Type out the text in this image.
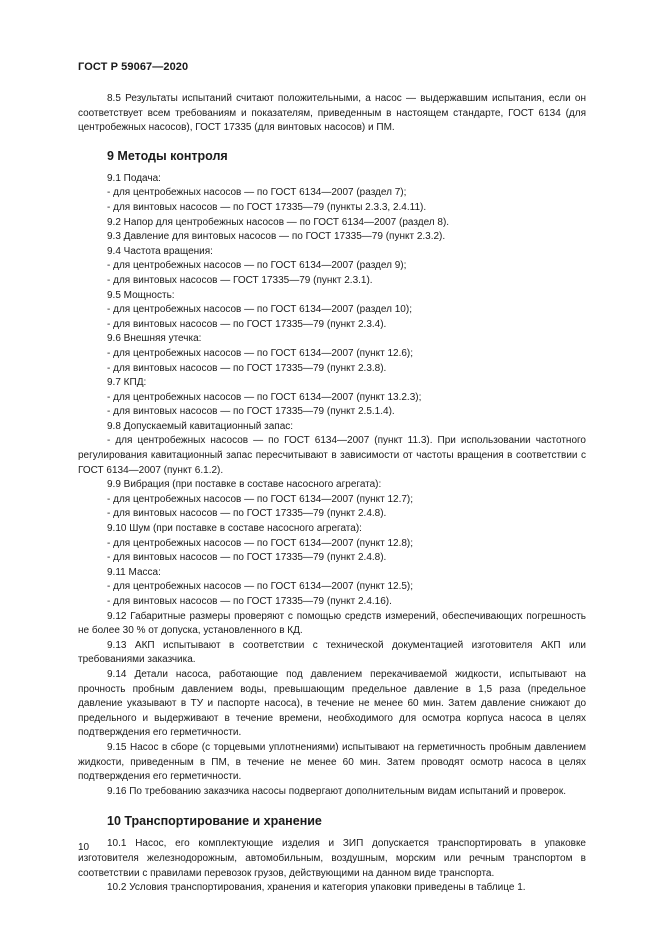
ГОСТ Р 59067—2020

8.5 Результаты испытаний считают положительными, а насос — выдержавшим испытания, если он соответствует всем требованиям и показателям, приведенным в настоящем стандарте, ГОСТ 6134 (для центробежных насосов), ГОСТ 17335 (для винтовых насосов) и ПМ.

9 Методы контроля

9.1 Подача:

- для центробежных насосов — по ГОСТ 6134—2007 (раздел 7);

- для винтовых насосов — по ГОСТ 17335—79 (пункты 2.3.3, 2.4.11).

9.2 Напор для центробежных насосов — по ГОСТ 6134—2007 (раздел 8).

9.3 Давление для винтовых насосов — по ГОСТ 17335—79 (пункт 2.3.2).

9.4 Частота вращения:

- для центробежных насосов — по ГОСТ 6134—2007 (раздел 9);

- для винтовых насосов — ГОСТ 17335—79 (пункт 2.3.1).

9.5 Мощность:

- для центробежных насосов — по ГОСТ 6134—2007 (раздел 10);

- для винтовых насосов — по ГОСТ 17335—79 (пункт 2.3.4).

9.6 Внешняя утечка:

- для центробежных насосов — по ГОСТ 6134—2007 (пункт 12.6);

- для винтовых насосов — по ГОСТ 17335—79 (пункт 2.3.8).

9.7 КПД:

- для центробежных насосов — по ГОСТ 6134—2007 (пункт 13.2.3);

- для винтовых насосов — по ГОСТ 17335—79 (пункт 2.5.1.4).

9.8 Допускаемый кавитационный запас:

- для центробежных насосов — по ГОСТ 6134—2007 (пункт 11.3). При использовании частотного регулирования кавитационный запас пересчитывают в зависимости от частоты вращения в соответствии с ГОСТ 6134—2007 (пункт 6.1.2).

9.9 Вибрация (при поставке в составе насосного агрегата):

- для центробежных насосов — по ГОСТ 6134—2007 (пункт 12.7);

- для винтовых насосов — по ГОСТ 17335—79 (пункт 2.4.8).

9.10 Шум (при поставке в составе насосного агрегата):

- для центробежных насосов — по ГОСТ 6134—2007 (пункт 12.8);

- для винтовых насосов — по ГОСТ 17335—79 (пункт 2.4.8).

9.11 Масса:

- для центробежных насосов — по ГОСТ 6134—2007 (пункт 12.5);

- для винтовых насосов — по ГОСТ 17335—79 (пункт 2.4.16).

9.12 Габаритные размеры проверяют с помощью средств измерений, обеспечивающих погрешность не более 30 % от допуска, установленного в КД.

9.13 АКП испытывают в соответствии с технической документацией изготовителя АКП или требованиями заказчика.

9.14 Детали насоса, работающие под давлением перекачиваемой жидкости, испытывают на прочность пробным давлением воды, превышающим предельное давление в 1,5 раза (предельное давление указывают в ТУ и паспорте насоса), в течение не менее 60 мин. Затем давление снижают до предельного и выдерживают в течение времени, необходимого для осмотра корпуса насоса в целях подтверждения его герметичности.

9.15 Насос в сборе (с торцевыми уплотнениями) испытывают на герметичность пробным давлением жидкости, приведенным в ПМ, в течение не менее 60 мин. Затем проводят осмотр насоса в целях подтверждения его герметичности.

9.16 По требованию заказчика насосы подвергают дополнительным видам испытаний и проверок.

10 Транспортирование и хранение

10.1 Насос, его комплектующие изделия и ЗИП допускается транспортировать в упаковке изготовителя железнодорожным, автомобильным, воздушным, морским или речным транспортом в соответствии с правилами перевозок грузов, действующими на данном виде транспорта.

10.2 Условия транспортирования, хранения и категория упаковки приведены в таблице 1.

10
